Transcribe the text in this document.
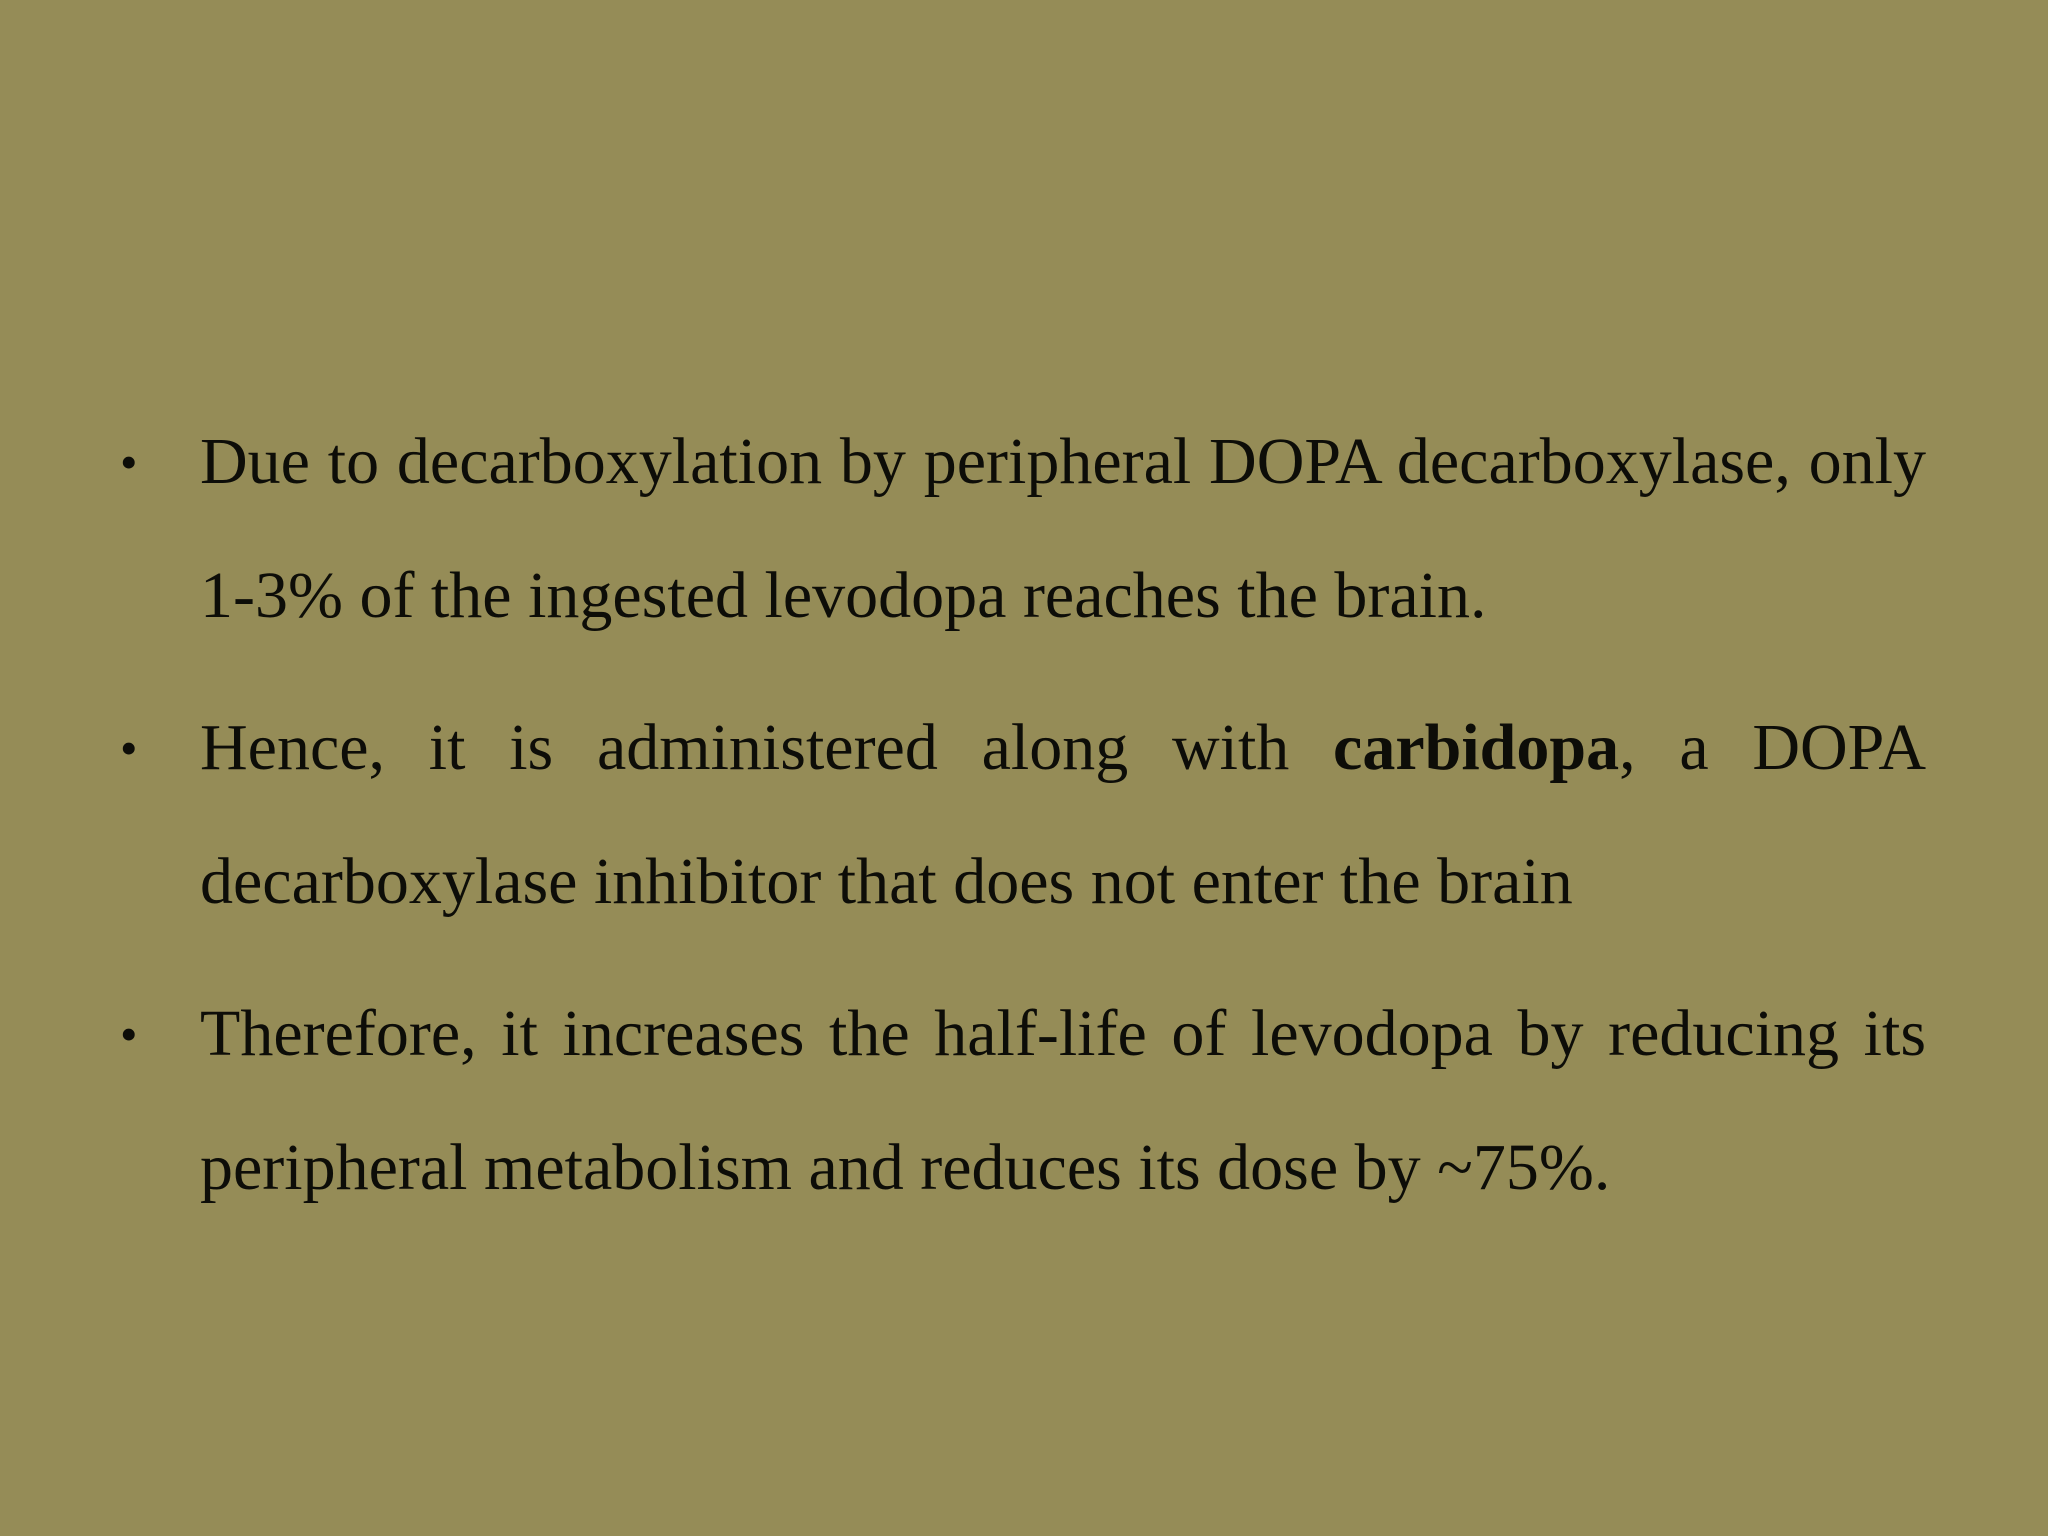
• Due to decarboxylation by peripheral DOPA decarboxylase, only 1-3% of the ingested levodopa reaches the brain.
• Hence, it is administered along with carbidopa, a DOPA decarboxylase inhibitor that does not enter the brain
• Therefore, it increases the half-life of levodopa by reducing its peripheral metabolism and reduces its dose by ~75%.
